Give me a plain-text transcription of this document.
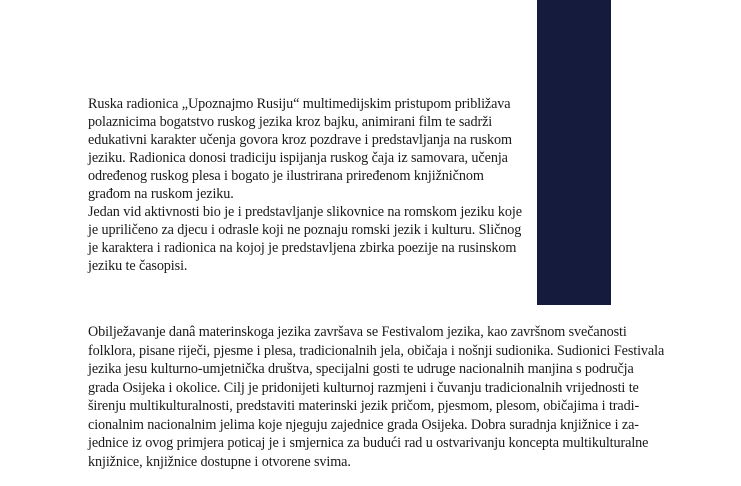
Ruska radionica „Upoznajmo Rusiju“ multimedijskim pristupom približava
polaznicima bogatstvo ruskog jezika kroz bajku, animirani film te sadrži
edukativni karakter učenja govora kroz pozdrave i predstavljanja na ruskom
jeziku. Radionica donosi tradiciju ispijanja ruskog čaja iz samovara, učenja
određenog ruskog plesa i bogato je ilustrirana priređenom knjižničnom
građom na ruskom jeziku.
Jedan vid aktivnosti bio je i predstavljanje slikovnice na romskom jeziku koje
je upriličeno za djecu i odrasle koji ne poznaju romski jezik i kulturu. Sličnog
je karaktera i radionica na kojoj je predstavljena zbirka poezije na rusinskom
jeziku te časopisi.
Obilježavanje danâ materinskoga jezika završava se Festivalom jezika, kao završnom svečanosti
folklora, pisane riječi, pjesme i plesa, tradicionalnih jela, običaja i nošnji sudionika. Sudionici Festivala
jezika jesu kulturno-umjetnička društva, specijalni gosti te udruge nacionalnih manjina s područja
grada Osijeka i okolice. Cilj je pridonijeti kulturnoj razmjeni i čuvanju tradicionalnih vrijednosti te
širenju multikulturalnosti, predstaviti materinski jezik pričom, pjesmom, plesom, običajima i tradi-
cionalnim nacionalnim jelima koje njeguju zajednice grada Osijeka. Dobra suradnja knjižnice i za-
jednice iz ovog primjera poticaj je i smjernica za budući rad u ostvarivanju koncepta multikulturalne
knjižnice, knjižnice dostupne i otvorene svima.
